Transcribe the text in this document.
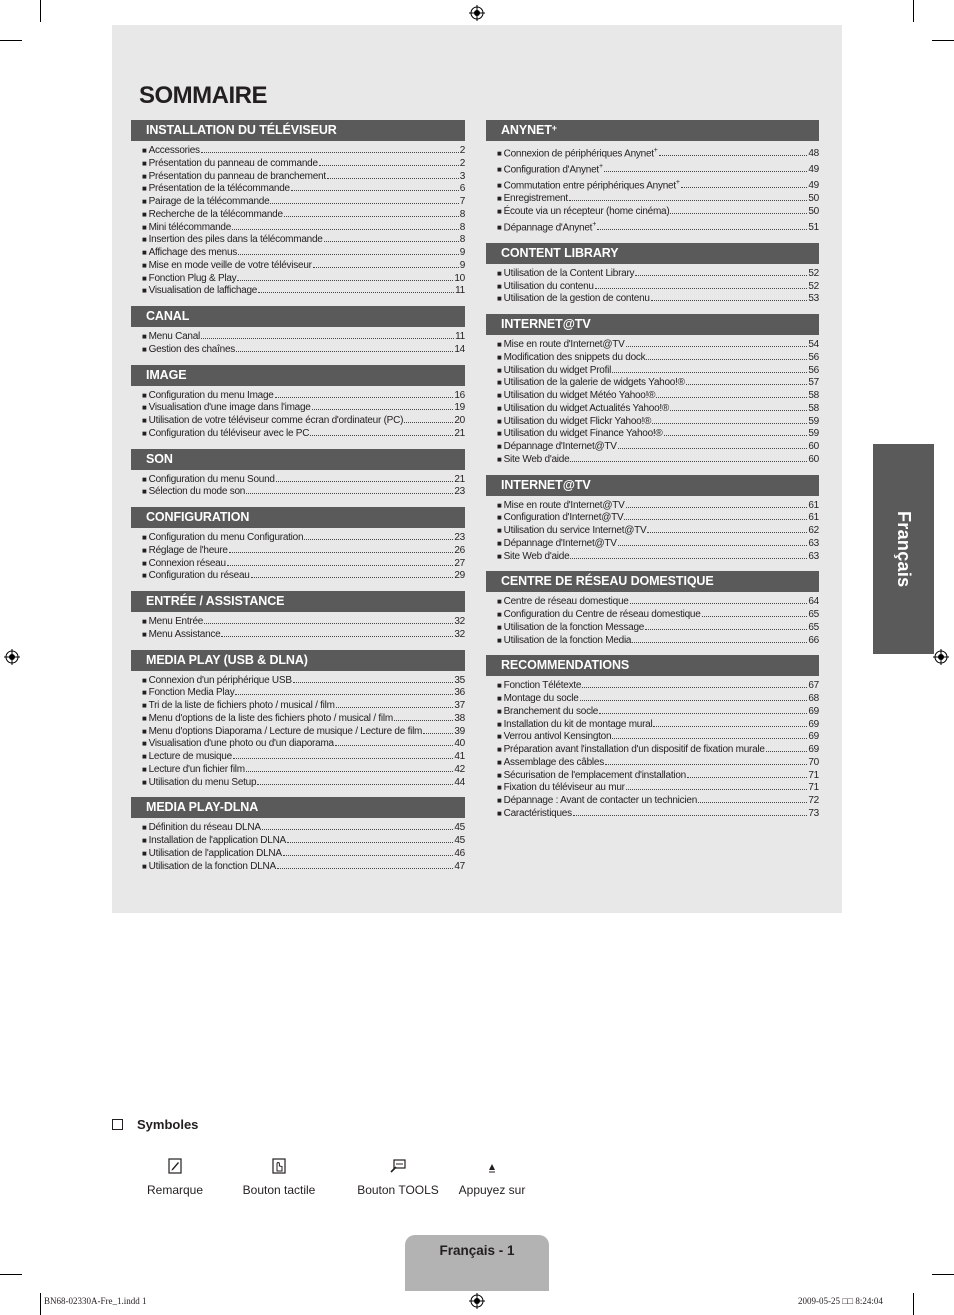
SOMMAIRE
INSTALLATION DU TÉLÉVISEUR
■ Accessories	2
■ Présentation du panneau de commande	2
■ Présentation du panneau de branchement	3
■ Présentation de la télécommande	6
■ Pairage de la télécommande	7
■ Recherche de la télécommande	8
■ Mini télécommande	8
■ Insertion des piles dans la télécommande	8
■ Affichage des menus	9
■ Mise en mode veille de votre téléviseur	9
■ Fonction Plug & Play	10
■ Visualisation de laffichage	11
CANAL
■ Menu Canal	11
■ Gestion des chaînes	14
IMAGE
■ Configuration du menu Image	16
■ Visualisation d'une image dans l'image	19
■ Utilisation de votre téléviseur comme écran d'ordinateur (PC)	20
■ Configuration du téléviseur avec le PC	21
SON
■ Configuration du menu Sound	21
■ Sélection du mode son	23
CONFIGURATION
■ Configuration du menu Configuration	23
■ Réglage de l'heure	26
■ Connexion réseau	27
■ Configuration du réseau	29
ENTRÉE / ASSISTANCE
■ Menu Entrée	32
■ Menu Assistance	32
MEDIA PLAY (USB & DLNA)
■ Connexion d'un périphérique USB	35
■ Fonction Media Play	36
■ Tri de la liste de fichiers photo / musical / film	37
■ Menu d'options de la liste des fichiers photo / musical / film	38
■ Menu d'options Diaporama / Lecture de musique / Lecture de film	39
■ Visualisation d'une photo ou d'un diaporama	40
■ Lecture de musique	41
■ Lecture d'un fichier film	42
■ Utilisation du menu Setup	44
MEDIA PLAY-DLNA
■ Définition du réseau DLNA	45
■ Installation de l'application DLNA	45
■ Utilisation de l'application DLNA	46
■ Utilisation de la fonction DLNA	47
ANYNET+
■ Connexion de périphériques Anynet+	48
■ Configuration d'Anynet+	49
■ Commutation entre périphériques Anynet+	49
■ Enregistrement	50
■ Écoute via un récepteur (home cinéma)	50
■ Dépannage d'Anynet+	51
CONTENT LIBRARY
■ Utilisation de la Content Library	52
■ Utilisation du contenu	52
■ Utilisation de la gestion de contenu	53
INTERNET@TV
■ Mise en route d'Internet@TV	54
■ Modification des snippets du dock	56
■ Utilisation du widget Profil	56
■ Utilisation de la galerie de widgets Yahoo!®	57
■ Utilisation du widget Météo Yahoo!®	58
■ Utilisation du widget Actualités Yahoo!®	58
■ Utilisation du widget Flickr Yahoo!®	59
■ Utilisation du widget Finance Yahoo!®	59
■ Dépannage d'Internet@TV	60
■ Site Web d'aide	60
INTERNET@TV
■ Mise en route d'Internet@TV	61
■ Configuration d'Internet@TV	61
■ Utilisation du service Internet@TV	62
■ Dépannage d'Internet@TV	63
■ Site Web d'aide	63
CENTRE DE RÉSEAU DOMESTIQUE
■ Centre de réseau domestique	64
■ Configuration du Centre de réseau domestique	65
■ Utilisation de la fonction Message	65
■ Utilisation de la fonction Media	66
RECOMMENDATIONS
■ Fonction Télétexte	67
■ Montage du socle	68
■ Branchement du socle	69
■ Installation du kit de montage mural	69
■ Verrou antivol Kensington	69
■ Préparation avant l'installation d'un dispositif de fixation murale	69
■ Assemblage des câbles	70
■ Sécurisation de l'emplacement d'installation	71
■ Fixation du téléviseur au mur	71
■ Dépannage : Avant de contacter un technicien	72
■ Caractéristiques	73
Français
Symboles
Remarque	Bouton tactile	Bouton TOOLS	Appuyez sur
Français - 1
BN68-02330A-Fre_1.indd 1	2009-05-25 □□ 8:24:04
